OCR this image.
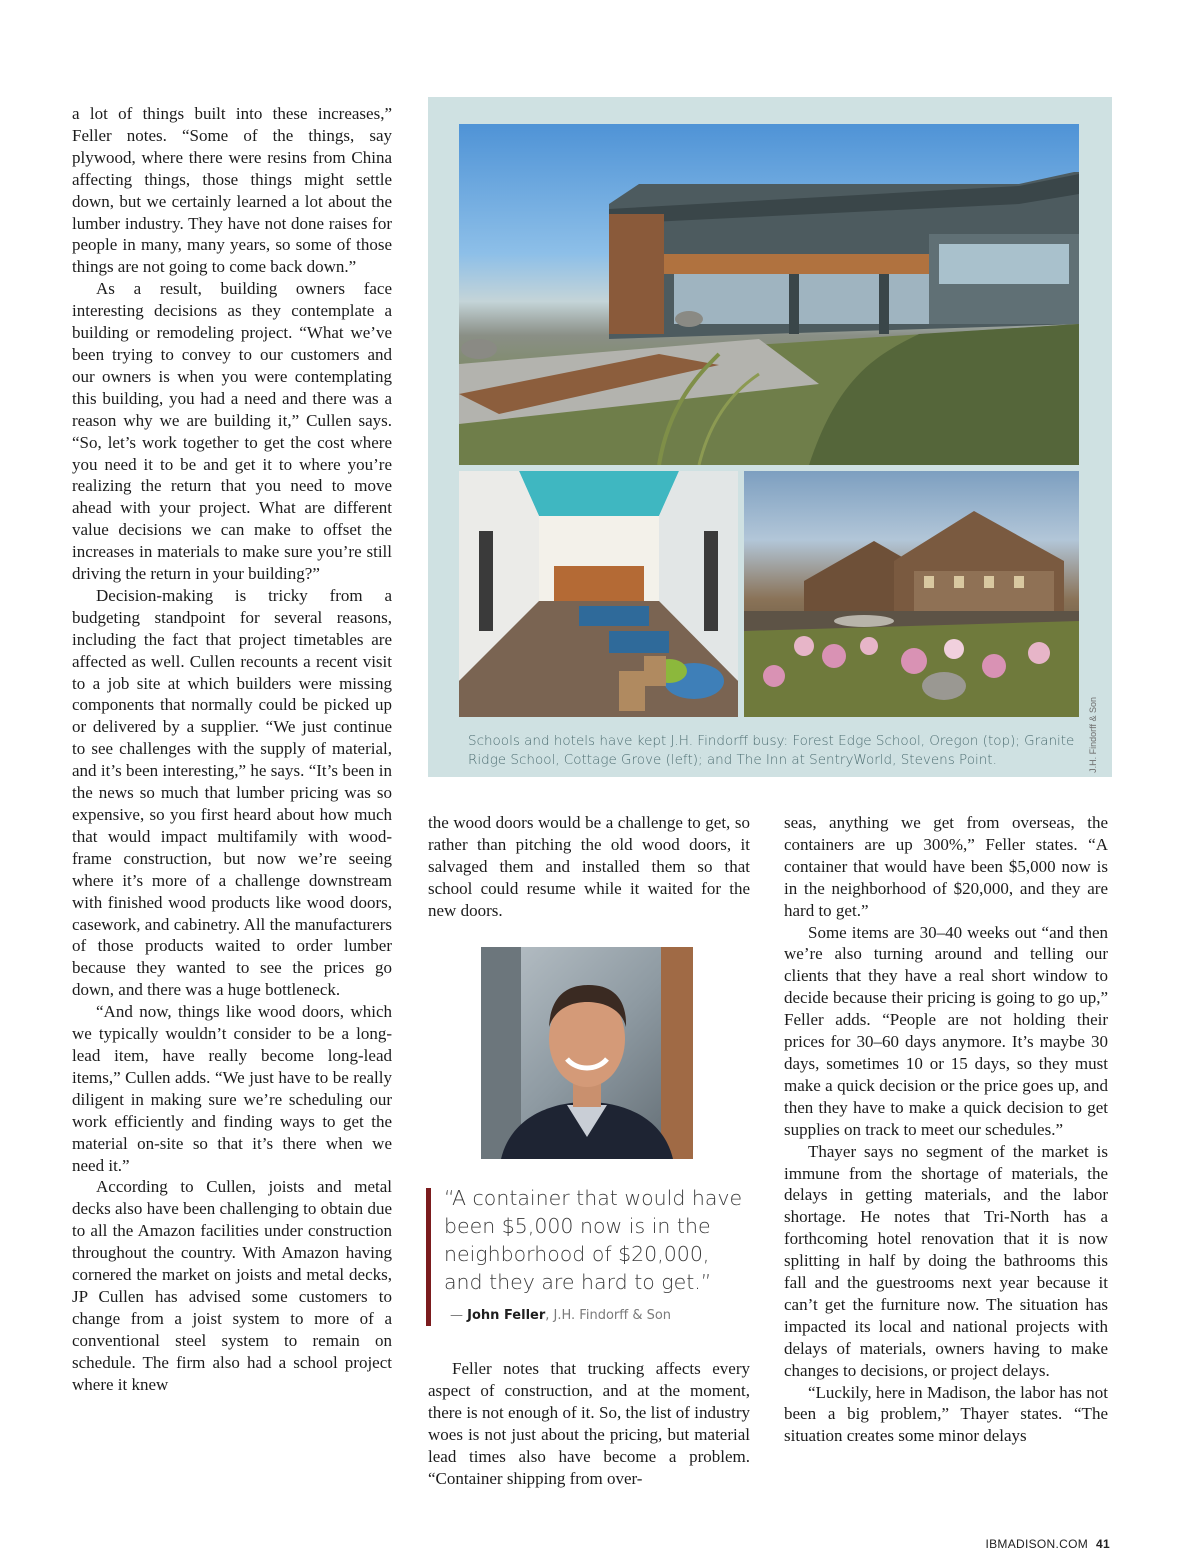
a lot of things built into these increases,” Feller notes. “Some of the things, say plywood, where there were resins from China affecting things, those things might settle down, but we certainly learned a lot about the lumber industry. They have not done raises for people in many, many years, so some of those things are not going to come back down.”

As a result, building owners face interesting decisions as they contemplate a building or remodeling project. “What we’ve been trying to convey to our customers and our owners is when you were contemplating this building, you had a need and there was a reason why we are building it,” Cullen says. “So, let’s work together to get the cost where you need it to be and get it to where you’re realizing the return that you need to move ahead with your project. What are different value decisions we can make to offset the increases in materials to make sure you’re still driving the return in your building?”

Decision-making is tricky from a budgeting standpoint for several reasons, including the fact that project timetables are affected as well. Cullen recounts a recent visit to a job site at which builders were missing components that normally could be picked up or delivered by a supplier. “We just continue to see challenges with the supply of material, and it’s been interesting,” he says. “It’s been in the news so much that lumber pricing was so expensive, so you first heard about how much that would impact multifamily with wood-frame construction, but now we’re seeing where it’s more of a challenge downstream with finished wood products like wood doors, casework, and cabinetry. All the manufacturers of those products waited to order lumber because they wanted to see the prices go down, and there was a huge bottleneck.

“And now, things like wood doors, which we typically wouldn’t consider to be a long-lead item, have really become long-lead items,” Cullen adds. “We just have to be really diligent in making sure we’re scheduling our work efficiently and finding ways to get the material on-site so that it’s there when we need it.”

According to Cullen, joists and metal decks also have been challenging to obtain due to all the Amazon facilities under construction throughout the country. With Amazon having cornered the market on joists and metal decks, JP Cullen has advised some customers to change from a joist system to more of a conventional steel system to remain on schedule. The firm also had a school project where it knew

J.H. Findorff & Son
Schools and hotels have kept J.H. Findorff busy: Forest Edge School, Oregon (top); Granite Ridge School, Cottage Grove (left); and The Inn at SentryWorld, Stevens Point.

the wood doors would be a challenge to get, so rather than pitching the old wood doors, it salvaged them and installed them so that school could resume while it waited for the new doors.

“A container that would have been $5,000 now is in the neighborhood of $20,000, and they are hard to get.”
— John Feller, J.H. Findorff & Son

Feller notes that trucking affects every aspect of construction, and at the moment, there is not enough of it. So, the list of industry woes is not just about the pricing, but material lead times also have become a problem. “Container shipping from over-

seas, anything we get from overseas, the containers are up 300%,” Feller states. “A container that would have been $5,000 now is in the neighborhood of $20,000, and they are hard to get.”

Some items are 30–40 weeks out “and then we’re also turning around and telling our clients that they have a real short window to decide because their pricing is going to go up,” Feller adds. “People are not holding their prices for 30–60 days anymore. It’s maybe 30 days, sometimes 10 or 15 days, so they must make a quick decision or the price goes up, and then they have to make a quick decision to get supplies on track to meet our schedules.”

Thayer says no segment of the market is immune from the shortage of materials, the delays in getting materials, and the labor shortage. He notes that Tri-North has a forthcoming hotel renovation that it is now splitting in half by doing the bathrooms this fall and the guestrooms next year because it can’t get the furniture now. The situation has impacted its local and national projects with delays of materials, owners having to make changes to decisions, or project delays.

“Luckily, here in Madison, the labor has not been a big problem,” Thayer states. “The situation creates some minor delays

IBMADISON.COM 41
